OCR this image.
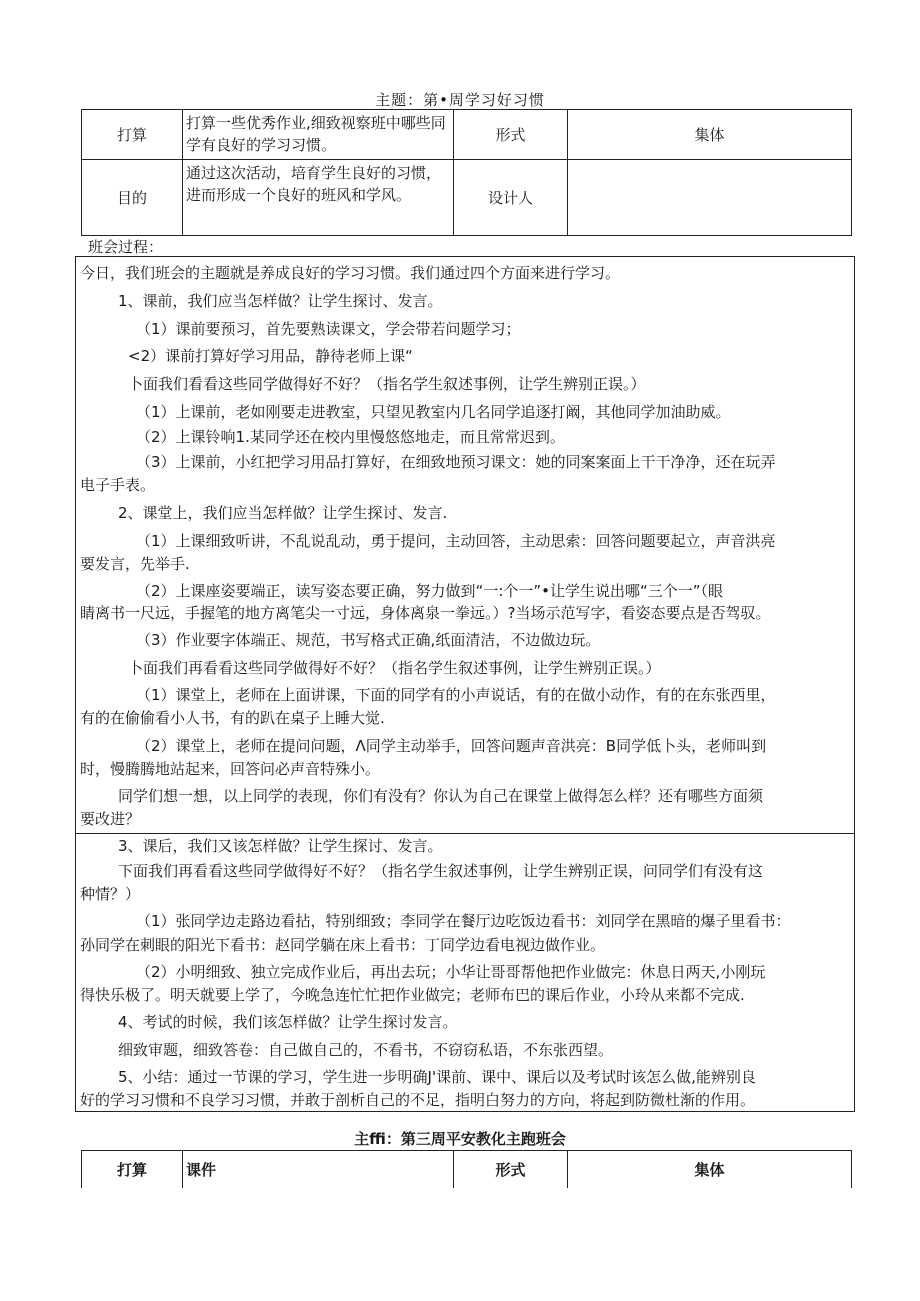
主题：第•周学习好习惯
打算	打算一些优秀作业,细致视察班中哪些同学有良好的学习习惯。	形式	集体
目的	通过这次活动，培育学生良好的习惯，进而形成一个良好的班风和学风。	设计人	
班会过程：
今日，我们班会的主题就是养成良好的学习习惯。我们通过四个方面来进行学习。
1、课前，我们应当怎样做？让学生探讨、发言。
（1）课前要预习，首先要熟读课文，学会带若问题学习；
<2）课前打算好学习用品，静待老师上课“
卜面我们看看这些同学做得好不好？（指名学生叙述事例，让学生辨别正误。）
（1）上课前，老如刚要走进教室，只望见教室内几名同学追逐打阚，其他同学加油助威。
（2）上课铃响1.某同学还在校内里慢悠悠地走，而且常常迟到。
（3）上课前，小红把学习用品打算好，在细致地预习课文：她的同案案面上干干净净，还在玩弄
电子手表。
2、课堂上，我们应当怎样做？让学生探讨、发言.
（1）上课细致听讲，不乱说乱动，勇于提问，主动回答，主动思索：回答问题要起立，声音洪亮
要发言，先举手.
（2）上课座姿要端正，读写姿态要正确，努力做到“一:个一”•让学生说出哪“三个一”（眼
睛离书一尺远，手握笔的地方离笔尖一寸远，身体离泉一拳远。）?当场示范写字，看姿态要点是否驾驭。
（3）作业要字体端正、规范，书写格式正确,纸面清洁，不边做边玩。
卜面我们再看看这些同学做得好不好？（指名学生叙述事例，让学生辨别正误。）
（1）课堂上，老师在上面讲课，下面的同学有的小声说话，有的在做小动作，有的在东张西里，
有的在偷偷看小人书，有的趴在桌子上睡大觉.
（2）课堂上，老师在提问问题，Λ同学主动举手，回答问题声音洪亮：B同学低卜头，老师叫到
时，慢腾腾地站起来，回答问必声音特殊小。
同学们想一想，以上同学的表现，你们有没有？你认为自己在课堂上做得怎么样？还有哪些方面须
要改进？
3、课后，我们又该怎样做？让学生探讨、发言。
下面我们再看看这些同学做得好不好？（指名学生叙述事例，让学生辨别正误，问同学们有没有这
种情？）
（1）张同学边走路边看拈，特别细致；李同学在餐厅边吃饭边看书：刘同学在黑暗的爆子里看书：
孙同学在刺眼的阳光下看书：赵同学躺在床上看书：丁同学边看电视边做作业。
（2）小明细致、独立完成作业后，再出去玩；小华让哥哥帮他把作业做完：休息日两天,小刚玩
得快乐极了。明天就要上学了，今晚急连忙忙把作业做完；老师布巴的课后作业，小玲从来都不完成.
4、考试的时候，我们该怎样做？让学生探讨发言。
细致审题，细致答卷：自己做自己的，不看书，不窃窃私语，不东张西望。
5、小结：通过一节课的学习，学生进一步明确J'课前、课中、课后以及考试时该怎么做,能辨别良
好的学习习惯和不良学习习惯，并敢于剖析自己的不足，指明白努力的方向，将起到防微杜渐的作用。
主ffi：第三周平安教化主跑班会
打算	课件	形式	集体
